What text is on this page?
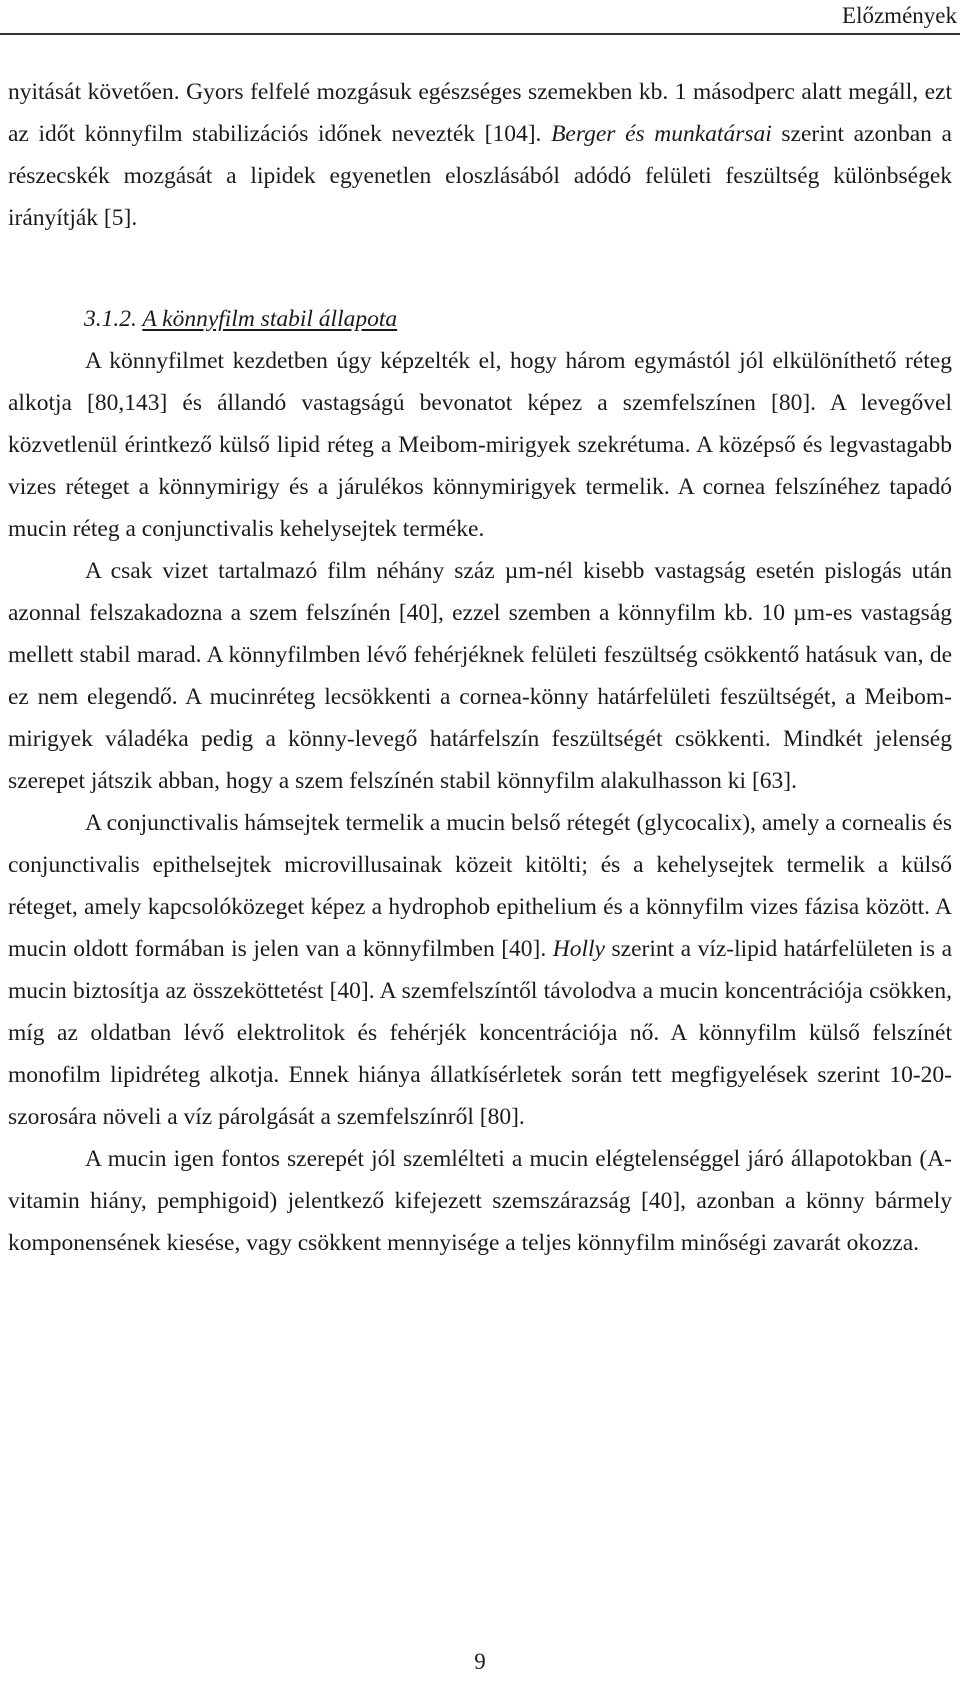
Előzmények

nyitását követően. Gyors felfelé mozgásuk egészséges szemekben kb. 1 másodperc alatt megáll, ezt az időt könnyfilm stabilizációs időnek nevezték [104]. Berger és munkatársai szerint azonban a részecskék mozgását a lipidek egyenetlen eloszlásából adódó felületi feszültség különbségek irányítják [5].

3.1.2. A könnyfilm stabil állapota

A könnyfilmet kezdetben úgy képzelték el, hogy három egymástól jól elkülöníthető réteg alkotja [80,143] és állandó vastagságú bevonatot képez a szemfelszínen [80]. A levegővel közvetlenül érintkező külső lipid réteg a Meibom-mirigyek szekrétuma. A középső és legvastagabb vizes réteget a könnymirigy és a járulékos könnymirigyek termelik. A cornea felszínéhez tapadó mucin réteg a conjunctivalis kehelysejtek terméke.

A csak vizet tartalmazó film néhány száz µm-nél kisebb vastagság esetén pislogás után azonnal felszakadozna a szem felszínén [40], ezzel szemben a könnyfilm kb. 10 µm-es vastagság mellett stabil marad. A könnyfilmben lévő fehérjéknek felületi feszültség csökkentő hatásuk van, de ez nem elegendő. A mucinréteg lecsökkenti a cornea-könny határfelületi feszültségét, a Meibom-mirigyek váladéka pedig a könny-levegő határfelszín feszültségét csökkenti. Mindkét jelenség szerepet játszik abban, hogy a szem felszínén stabil könnyfilm alakulhasson ki [63].

A conjunctivalis hámsejtek termelik a mucin belső rétegét (glycocalix), amely a cornealis és conjunctivalis epithelsejtek microvillusainak közeit kitölti; és a kehelysejtek termelik a külső réteget, amely kapcsolóközeget képez a hydrophob epithelium és a könnyfilm vizes fázisa között. A mucin oldott formában is jelen van a könnyfilmben [40]. Holly szerint a víz-lipid határfelületen is a mucin biztosítja az összeköttetést [40]. A szemfelszíntől távolodva a mucin koncentrációja csökken, míg az oldatban lévő elektrolitok és fehérjék koncentrációja nő. A könnyfilm külső felszínét monofilm lipidréteg alkotja. Ennek hiánya állatkísérletek során tett megfigyelések szerint 10-20-szorosára növeli a víz párolgását a szemfelszínről [80].

A mucin igen fontos szerepét jól szemlélteti a mucin elégtelenséggel járó állapotokban (A-vitamin hiány, pemphigoid) jelentkező kifejezett szemszárazság [40], azonban a könny bármely komponensének kiesése, vagy csökkent mennyisége a teljes könnyfilm minőségi zavarát okozza.

9
